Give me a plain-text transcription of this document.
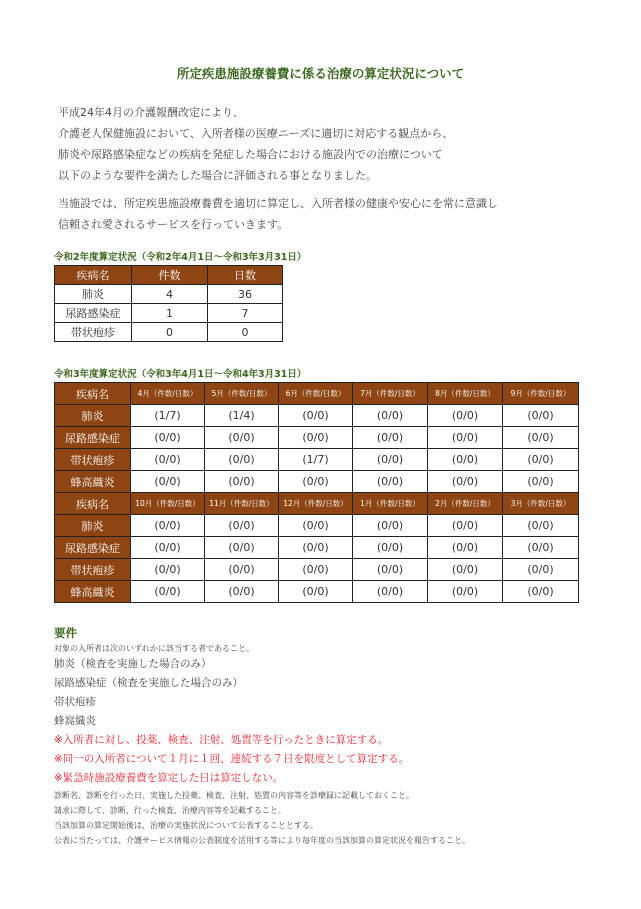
所定疾患施設療養費に係る治療の算定状況について

平成24年4月の介護報酬改定により、

介護老人保健施設において、入所者様の医療ニーズに適切に対応する観点から、

肺炎や尿路感染症などの疾病を発症した場合における施設内での治療について

以下のような要件を満たした場合に評価される事となりました。

当施設では、所定疾患施設療養費を適切に算定し、入所者様の健康や安心にを常に意識し

信頼され愛されるサービスを行っていきます。

令和2年度算定状況（令和2年4月1日～令和3年3月31日）
疾病名	件数	日数
肺炎	4	36
尿路感染症	1	7
帯状疱疹	0	0
令和3年度算定状況（令和3年4月1日～令和4年3月31日）
疾病名	4月（件数/日数）	5月（件数/日数）	6月（件数/日数）	7月（件数/日数）	8月（件数/日数）	9月（件数/日数）
肺炎	(1/7)	(1/4)	(0/0)	(0/0)	(0/0)	(0/0)
尿路感染症	(0/0)	(0/0)	(0/0)	(0/0)	(0/0)	(0/0)
帯状疱疹	(0/0)	(0/0)	(1/7)	(0/0)	(0/0)	(0/0)
蜂高織炎	(0/0)	(0/0)	(0/0)	(0/0)	(0/0)	(0/0)
疾病名	10月（件数/日数）	11月（件数/日数）	12月（件数/日数）	1月（件数/日数）	2月（件数/日数）	3月（件数/日数）
肺炎	(0/0)	(0/0)	(0/0)	(0/0)	(0/0)	(0/0)
尿路感染症	(0/0)	(0/0)	(0/0)	(0/0)	(0/0)	(0/0)
帯状疱疹	(0/0)	(0/0)	(0/0)	(0/0)	(0/0)	(0/0)
蜂高織炎	(0/0)	(0/0)	(0/0)	(0/0)	(0/0)	(0/0)
要件
対象の入所者は次のいずれかに該当する者であること。
肺炎（検査を実施した場合のみ）
尿路感染症（検査を実施した場合のみ）
帯状疱疹
蜂窩織炎
※入所者に対し、投薬、検査、注射、処置等を行ったときに算定する。
※同一の入所者について１月に１回、連続する７日を限度として算定する。
※緊急時施設療養費を算定した日は算定しない。
診断名、診断を行った日、実施した投薬、検査、注射、処置の内容等を診療録に記載しておくこと。
請求に際して、診断、行った検査、治療内容等を記載すること。
当該加算の算定開始後は、治療の実施状況について公表することとする。
公表に当たっては、介護サービス情報の公表制度を活用する等により毎年度の当該加算の算定状況を報告すること。
